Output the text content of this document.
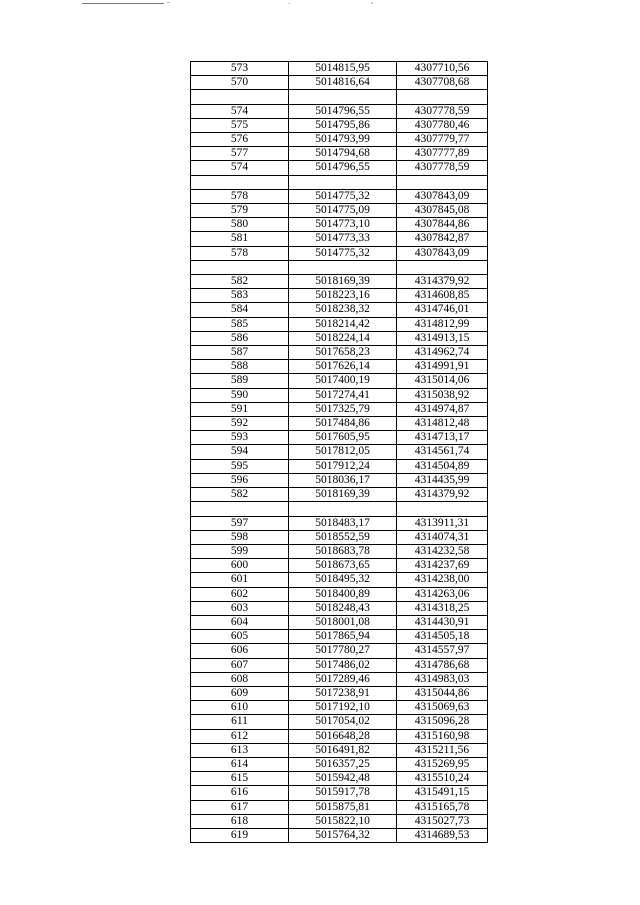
573	5014815,95	4307710,56
570	5014816,64	4307708,68

574	5014796,55	4307778,59
575	5014795,86	4307780,46
576	5014793,99	4307779,77
577	5014794,68	4307777,89
574	5014796,55	4307778,59

578	5014775,32	4307843,09
579	5014775,09	4307845,08
580	5014773,10	4307844,86
581	5014773,33	4307842,87
578	5014775,32	4307843,09

582	5018169,39	4314379,92
583	5018223,16	4314608,85
584	5018238,32	4314746,01
585	5018214,42	4314812,99
586	5018224,14	4314913,15
587	5017658,23	4314962,74
588	5017626,14	4314991,91
589	5017400,19	4315014,06
590	5017274,41	4315038,92
591	5017325,79	4314974,87
592	5017484,86	4314812,48
593	5017605,95	4314713,17
594	5017812,05	4314561,74
595	5017912,24	4314504,89
596	5018036,17	4314435,99
582	5018169,39	4314379,92

597	5018483,17	4313911,31
598	5018552,59	4314074,31
599	5018683,78	4314232,58
600	5018673,65	4314237,69
601	5018495,32	4314238,00
602	5018400,89	4314263,06
603	5018248,43	4314318,25
604	5018001,08	4314430,91
605	5017865,94	4314505,18
606	5017780,27	4314557,97
607	5017486,02	4314786,68
608	5017289,46	4314983,03
609	5017238,91	4315044,86
610	5017192,10	4315069,63
611	5017054,02	4315096,28
612	5016648,28	4315160,98
613	5016491,82	4315211,56
614	5016357,25	4315269,95
615	5015942,48	4315510,24
616	5015917,78	4315491,15
617	5015875,81	4315165,78
618	5015822,10	4315027,73
619	5015764,32	4314689,53
